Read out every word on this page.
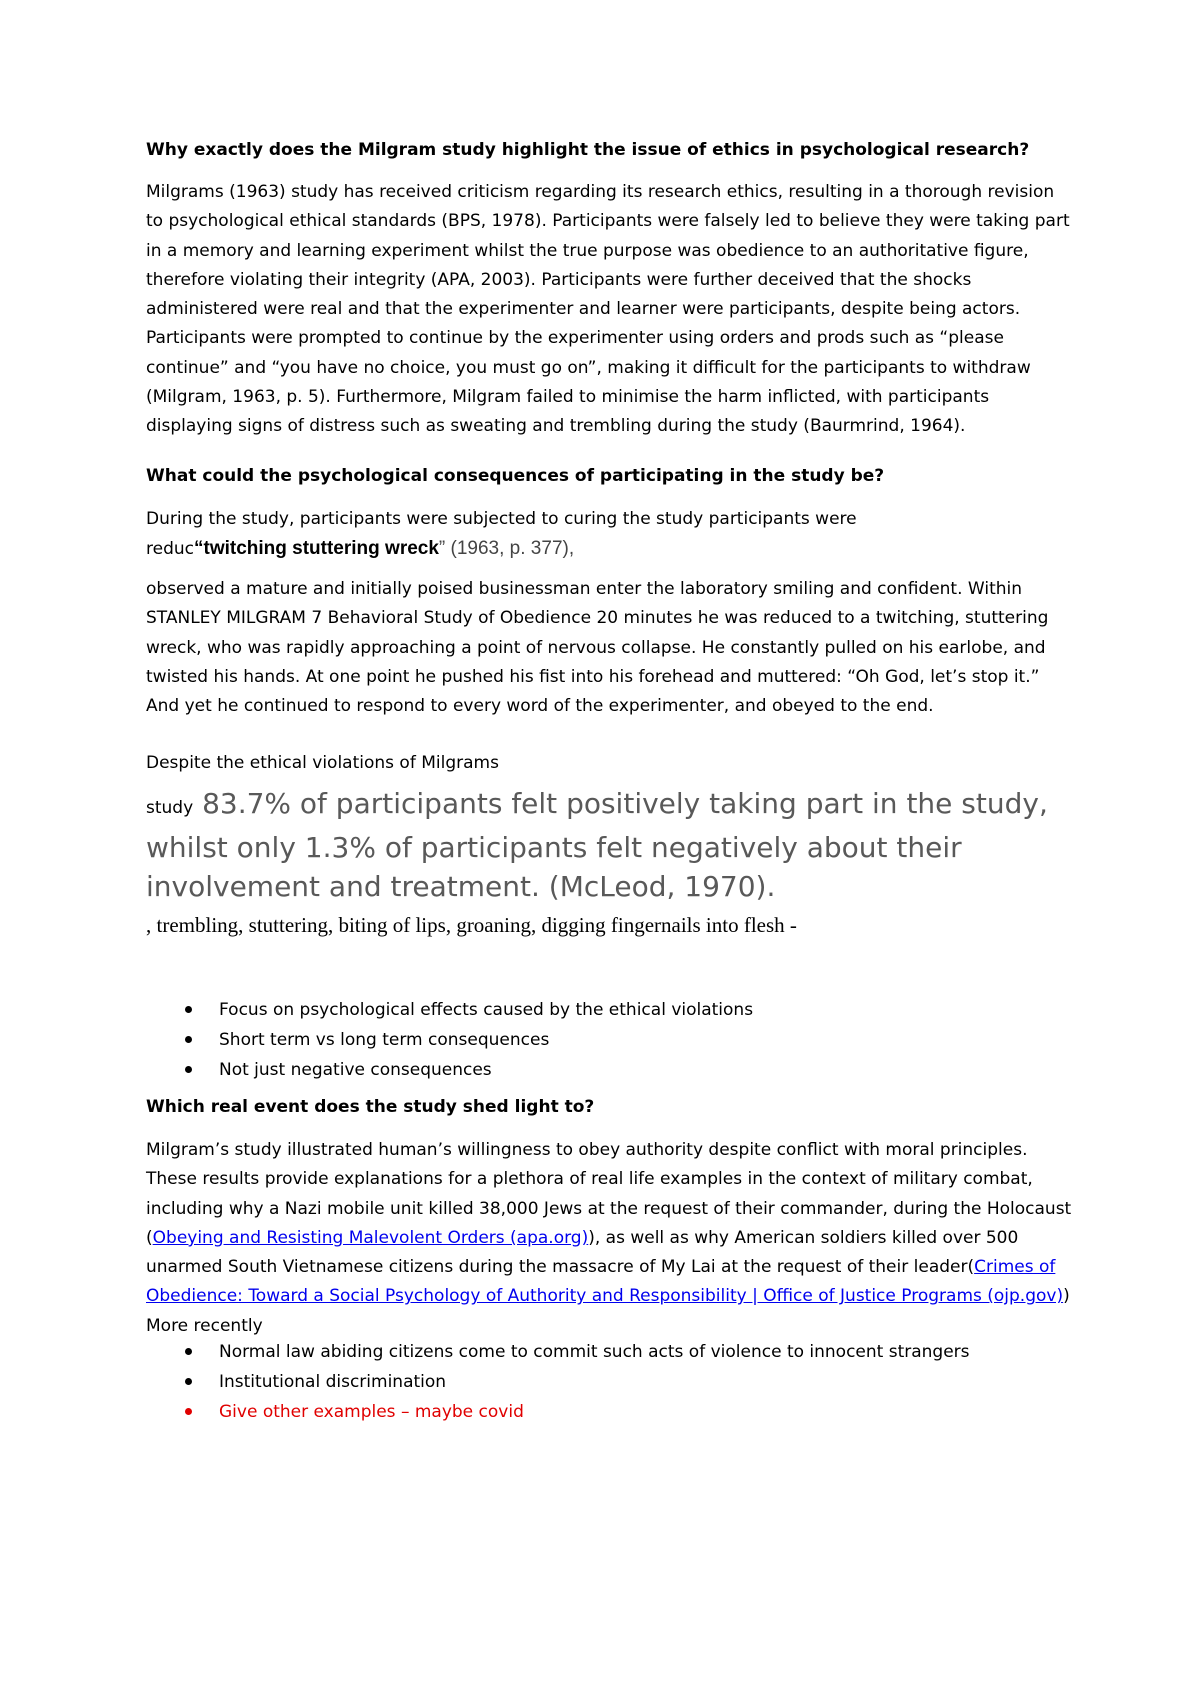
Why exactly does the Milgram study highlight the issue of ethics in psychological research?
Milgrams (1963) study has received criticism regarding its research ethics, resulting in a thorough revision to psychological ethical standards (BPS, 1978). Participants were falsely led to believe they were taking part in a memory and learning experiment whilst the true purpose was obedience to an authoritative figure, therefore violating their integrity (APA, 2003). Participants were further deceived that the shocks administered were real and that the experimenter and learner were participants, despite being actors. Participants were prompted to continue by the experimenter using orders and prods such as “please continue” and “you have no choice, you must go on”, making it difficult for the participants to withdraw (Milgram, 1963, p. 5). Furthermore, Milgram failed to minimise the harm inflicted, with participants displaying signs of distress such as sweating and trembling during the study (Baurmrind, 1964).
What could the psychological consequences of participating in the study be?
During the study, participants were subjected to curing the study participants were
reduc“twitching stuttering wreck” (1963, p. 377),
observed a mature and initially poised businessman enter the laboratory smiling and confident. Within STANLEY MILGRAM 7 Behavioral Study of Obedience 20 minutes he was reduced to a twitching, stuttering wreck, who was rapidly approaching a point of nervous collapse. He constantly pulled on his earlobe, and twisted his hands. At one point he pushed his fist into his forehead and muttered: “Oh God, let’s stop it.” And yet he continued to respond to every word of the experimenter, and obeyed to the end.
Despite the ethical violations of Milgrams
study 83.7% of participants felt positively taking part in the study, whilst only 1.3% of participants felt negatively about their involvement and treatment. (McLeod, 1970).
, trembling, stuttering, biting of lips, groaning, digging fingernails into flesh -
Focus on psychological effects caused by the ethical violations
Short term vs long term consequences
Not just negative consequences
Which real event does the study shed light to?
Milgram’s study illustrated human’s willingness to obey authority despite conflict with moral principles. These results provide explanations for a plethora of real life examples in the context of military combat, including why a Nazi mobile unit killed 38,000 Jews at the request of their commander, during the Holocaust (Obeying and Resisting Malevolent Orders (apa.org)), as well as why American soldiers killed over 500 unarmed South Vietnamese citizens during the massacre of My Lai at the request of their leader(Crimes of Obedience: Toward a Social Psychology of Authority and Responsibility | Office of Justice Programs (ojp.gov)) More recently
Normal law abiding citizens come to commit such acts of violence to innocent strangers
Institutional discrimination
Give other examples – maybe covid
